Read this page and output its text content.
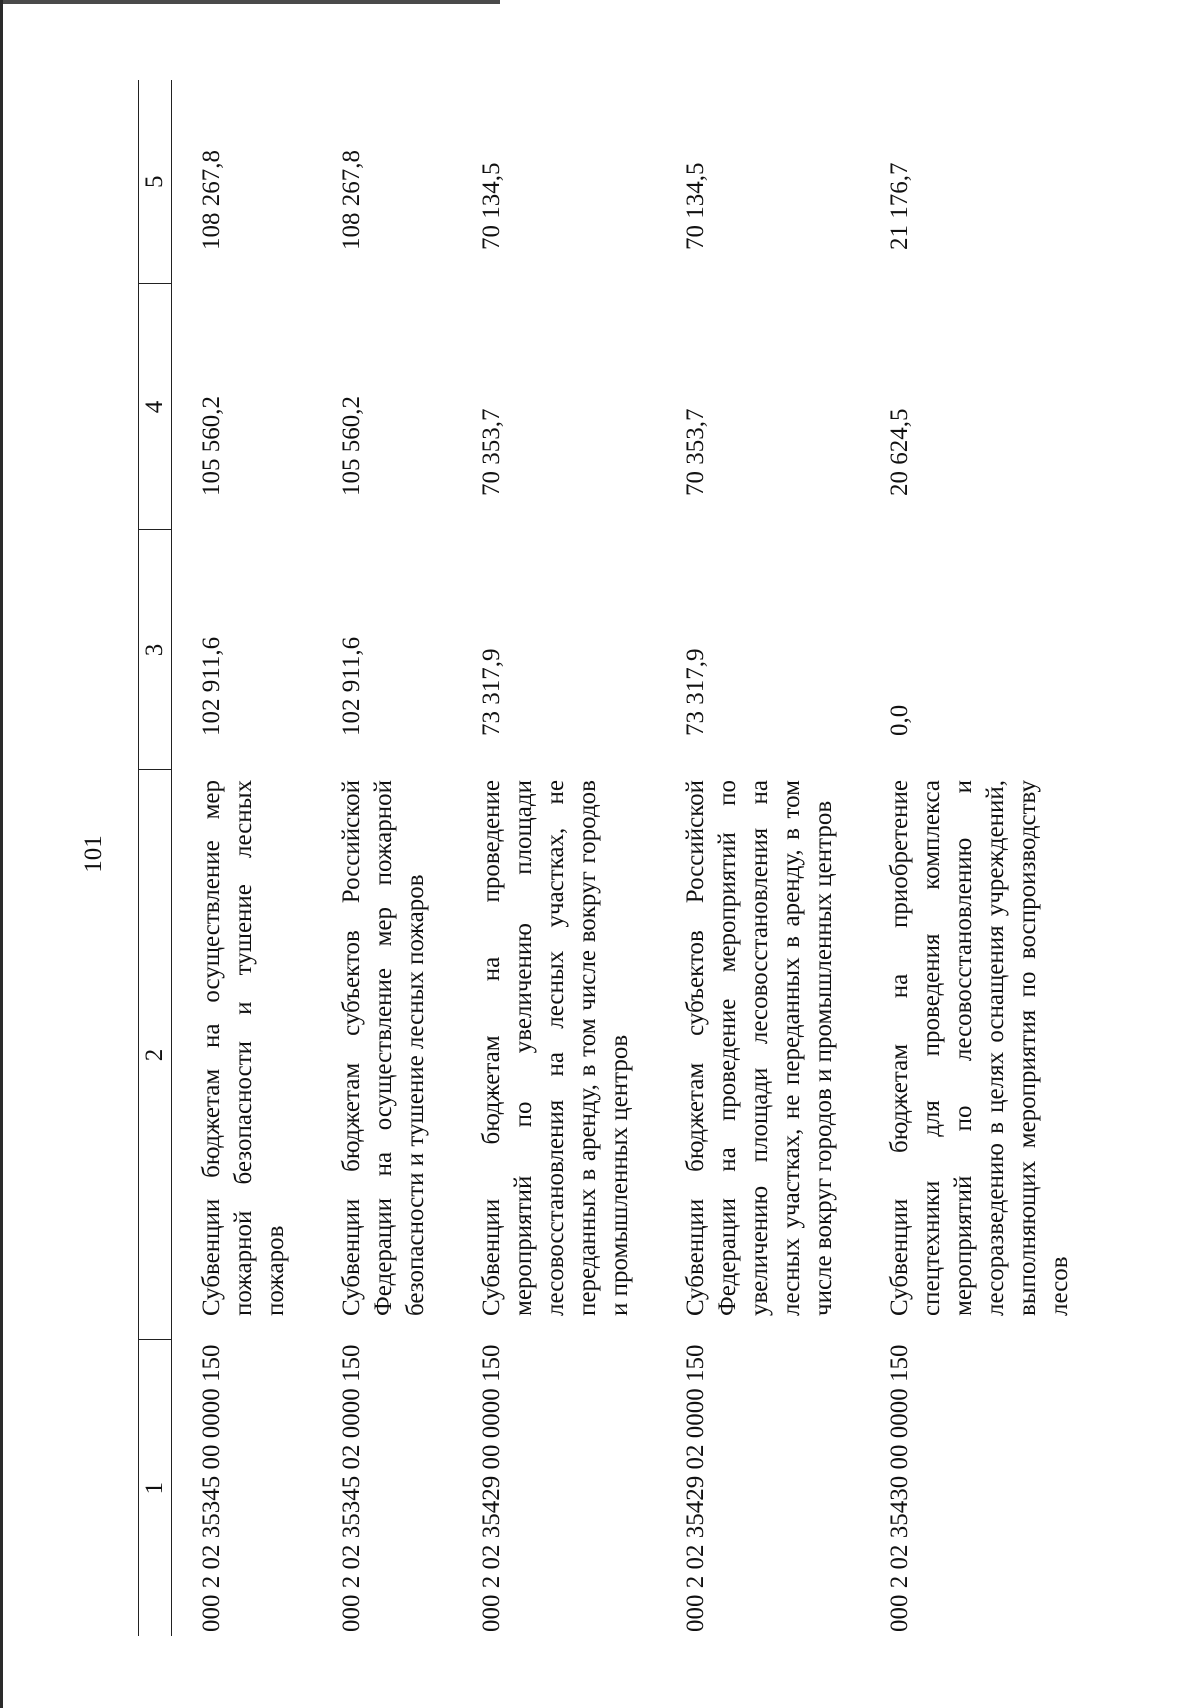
101
1	2	3	4	5
000 2 02 35345 00 0000 150	Субвенции бюджетам на осуществление мер пожарной безопасности и тушение лесных пожаров	102 911,6	105 560,2	108 267,8
000 2 02 35345 02 0000 150	Субвенции бюджетам субъектов Российской Федерации на осуществление мер пожарной безопасности и тушение лесных пожаров	102 911,6	105 560,2	108 267,8
000 2 02 35429 00 0000 150	Субвенции бюджетам на проведение мероприятий по увеличению площади лесовосстановления на лесных участках, не переданных в аренду, в том числе вокруг городов и промышленных центров	73 317,9	70 353,7	70 134,5
000 2 02 35429 02 0000 150	Субвенции бюджетам субъектов Российской Федерации на проведение мероприятий по увеличению площади лесовосстановления на лесных участках, не переданных в аренду, в том числе вокруг городов и промышленных центров	73 317,9	70 353,7	70 134,5
000 2 02 35430 00 0000 150	Субвенции бюджетам на приобретение спецтехники для проведения комплекса мероприятий по лесовосстановлению и лесоразведению в целях оснащения учреждений, выполняющих мероприятия по воспроизводству лесов	0,0	20 624,5	21 176,7
